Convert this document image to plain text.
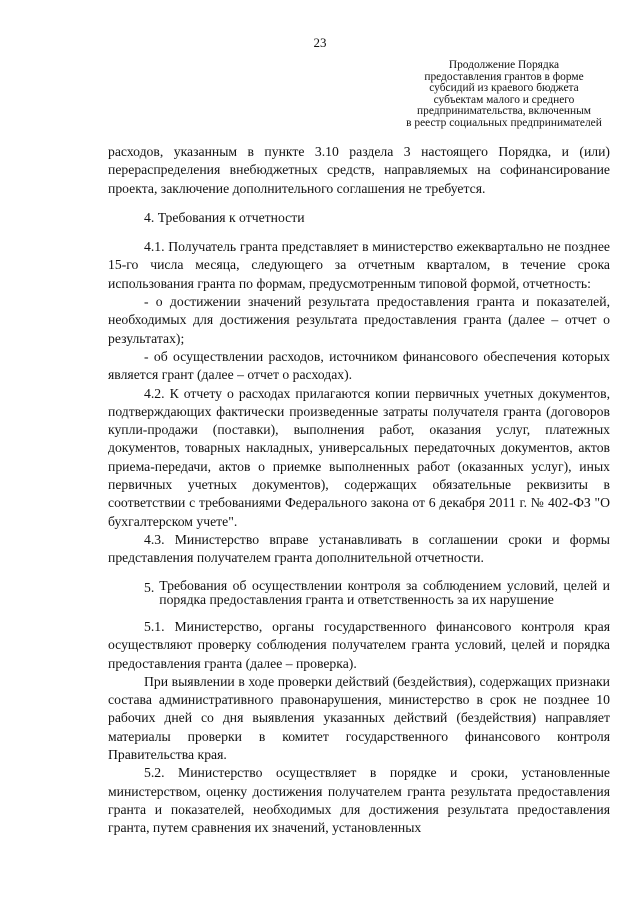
23
Продолжение Порядка
предоставления грантов в форме
субсидий из краевого бюджета
субъектам малого и среднего
предпринимательства, включенным
в реестр социальных предпринимателей

расходов, указанным в пункте 3.10 раздела 3 настоящего Порядка, и (или) перераспределения внебюджетных средств, направляемых на софинансирование проекта, заключение дополнительного соглашения не требуется.

4. Требования к отчетности

4.1. Получатель гранта представляет в министерство ежеквартально не позднее 15-го числа месяца, следующего за отчетным кварталом, в течение срока использования гранта по формам, предусмотренным типовой формой, отчетность:

- о достижении значений результата предоставления гранта и показателей, необходимых для достижения результата предоставления гранта (далее – отчет о результатах);

- об осуществлении расходов, источником финансового обеспечения которых является грант (далее – отчет о расходах).

4.2. К отчету о расходах прилагаются копии первичных учетных документов, подтверждающих фактически произведенные затраты получателя гранта (договоров купли-продажи (поставки), выполнения работ, оказания услуг, платежных документов, товарных накладных, универсальных передаточных документов, актов приема-передачи, актов о приемке выполненных работ (оказанных услуг), иных первичных учетных документов), содержащих обязательные реквизиты в соответствии с требованиями Федерального закона от 6 декабря 2011 г. № 402-ФЗ "О бухгалтерском учете".

4.3. Министерство вправе устанавливать в соглашении сроки и формы представления получателем гранта дополнительной отчетности.

5. Требования об осуществлении контроля за соблюдением условий, целей и порядка предоставления гранта и ответственность за их нарушение

5.1. Министерство, органы государственного финансового контроля края осуществляют проверку соблюдения получателем гранта условий, целей и порядка предоставления гранта (далее – проверка).

При выявлении в ходе проверки действий (бездействия), содержащих признаки состава административного правонарушения, министерство в срок не позднее 10 рабочих дней со дня выявления указанных действий (бездействия) направляет материалы проверки в комитет государственного финансового контроля Правительства края.

5.2. Министерство осуществляет в порядке и сроки, установленные министерством, оценку достижения получателем гранта результата предоставления гранта и показателей, необходимых для достижения результата предоставления гранта, путем сравнения их значений, установленных
